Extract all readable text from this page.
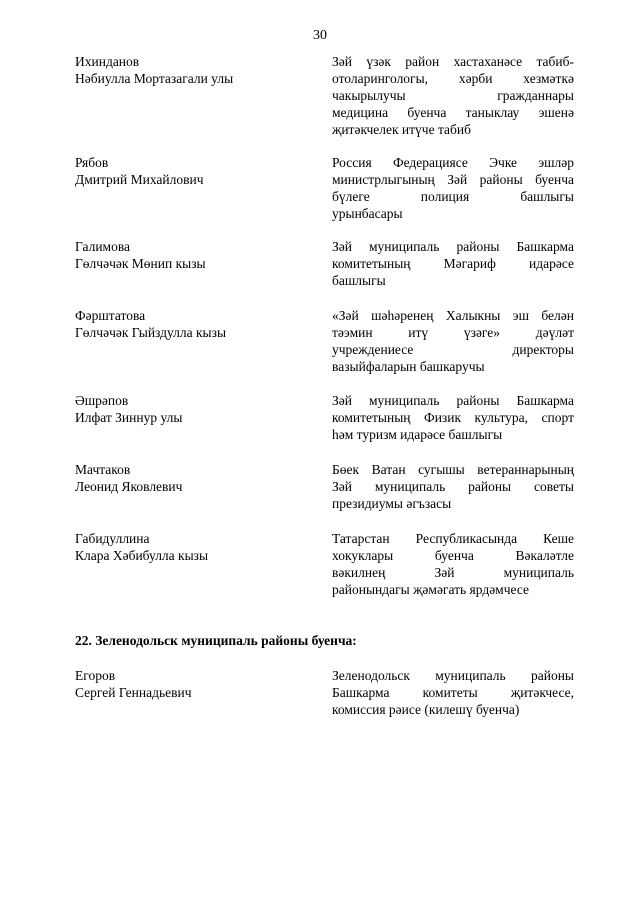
30
Ихинданов
Нәбиулла Мортазагали улы
Зәй үзәк район хастаханәсе табиб-
отоларингологы, хәрби хезмәткә
чакырылучы гражданнары
медицина буенча таныклау эшенә
җитәкчелек итүче табиб
Рябов
Дмитрий Михайлович
Россия Федерациясе Эчке эшләр
министрлыгының Зәй районы буенча
бүлеге полиция башлыгы
урынбасары
Галимова
Гөлчәчәк Мөнип кызы
Зәй муниципаль районы Башкарма
комитетының Мәгариф идарәсе
башлыгы
Фәрштатова
Гөлчәчәк Гыйздулла кызы
«Зәй шәһәренең Халыкны эш белән
тәэмин итү үзәге» дәүләт
учреждениесе директоры
вазыйфаларын башкаручы
Әшрәпов
Илфат Зиннур улы
Зәй муниципаль районы Башкарма
комитетының Физик культура, спорт
һәм туризм идарәсе башлыгы
Мачтаков
Леонид Яковлевич
Бөек Ватан сугышы ветераннарының
Зәй муниципаль районы советы
президиумы әгъзасы
Габидуллина
Клара Хәбибулла кызы
Татарстан Республикасында Кеше
хокуклары буенча Вәкаләтле
вәкилнең Зәй муниципаль
районындагы җәмәгать ярдәмчесе
22. Зеленодольск муниципаль районы буенча:
Егоров
Сергей Геннадьевич
Зеленодольск муниципаль районы
Башкарма комитеты җитәкчесе,
комиссия рәисе (килешү буенча)
